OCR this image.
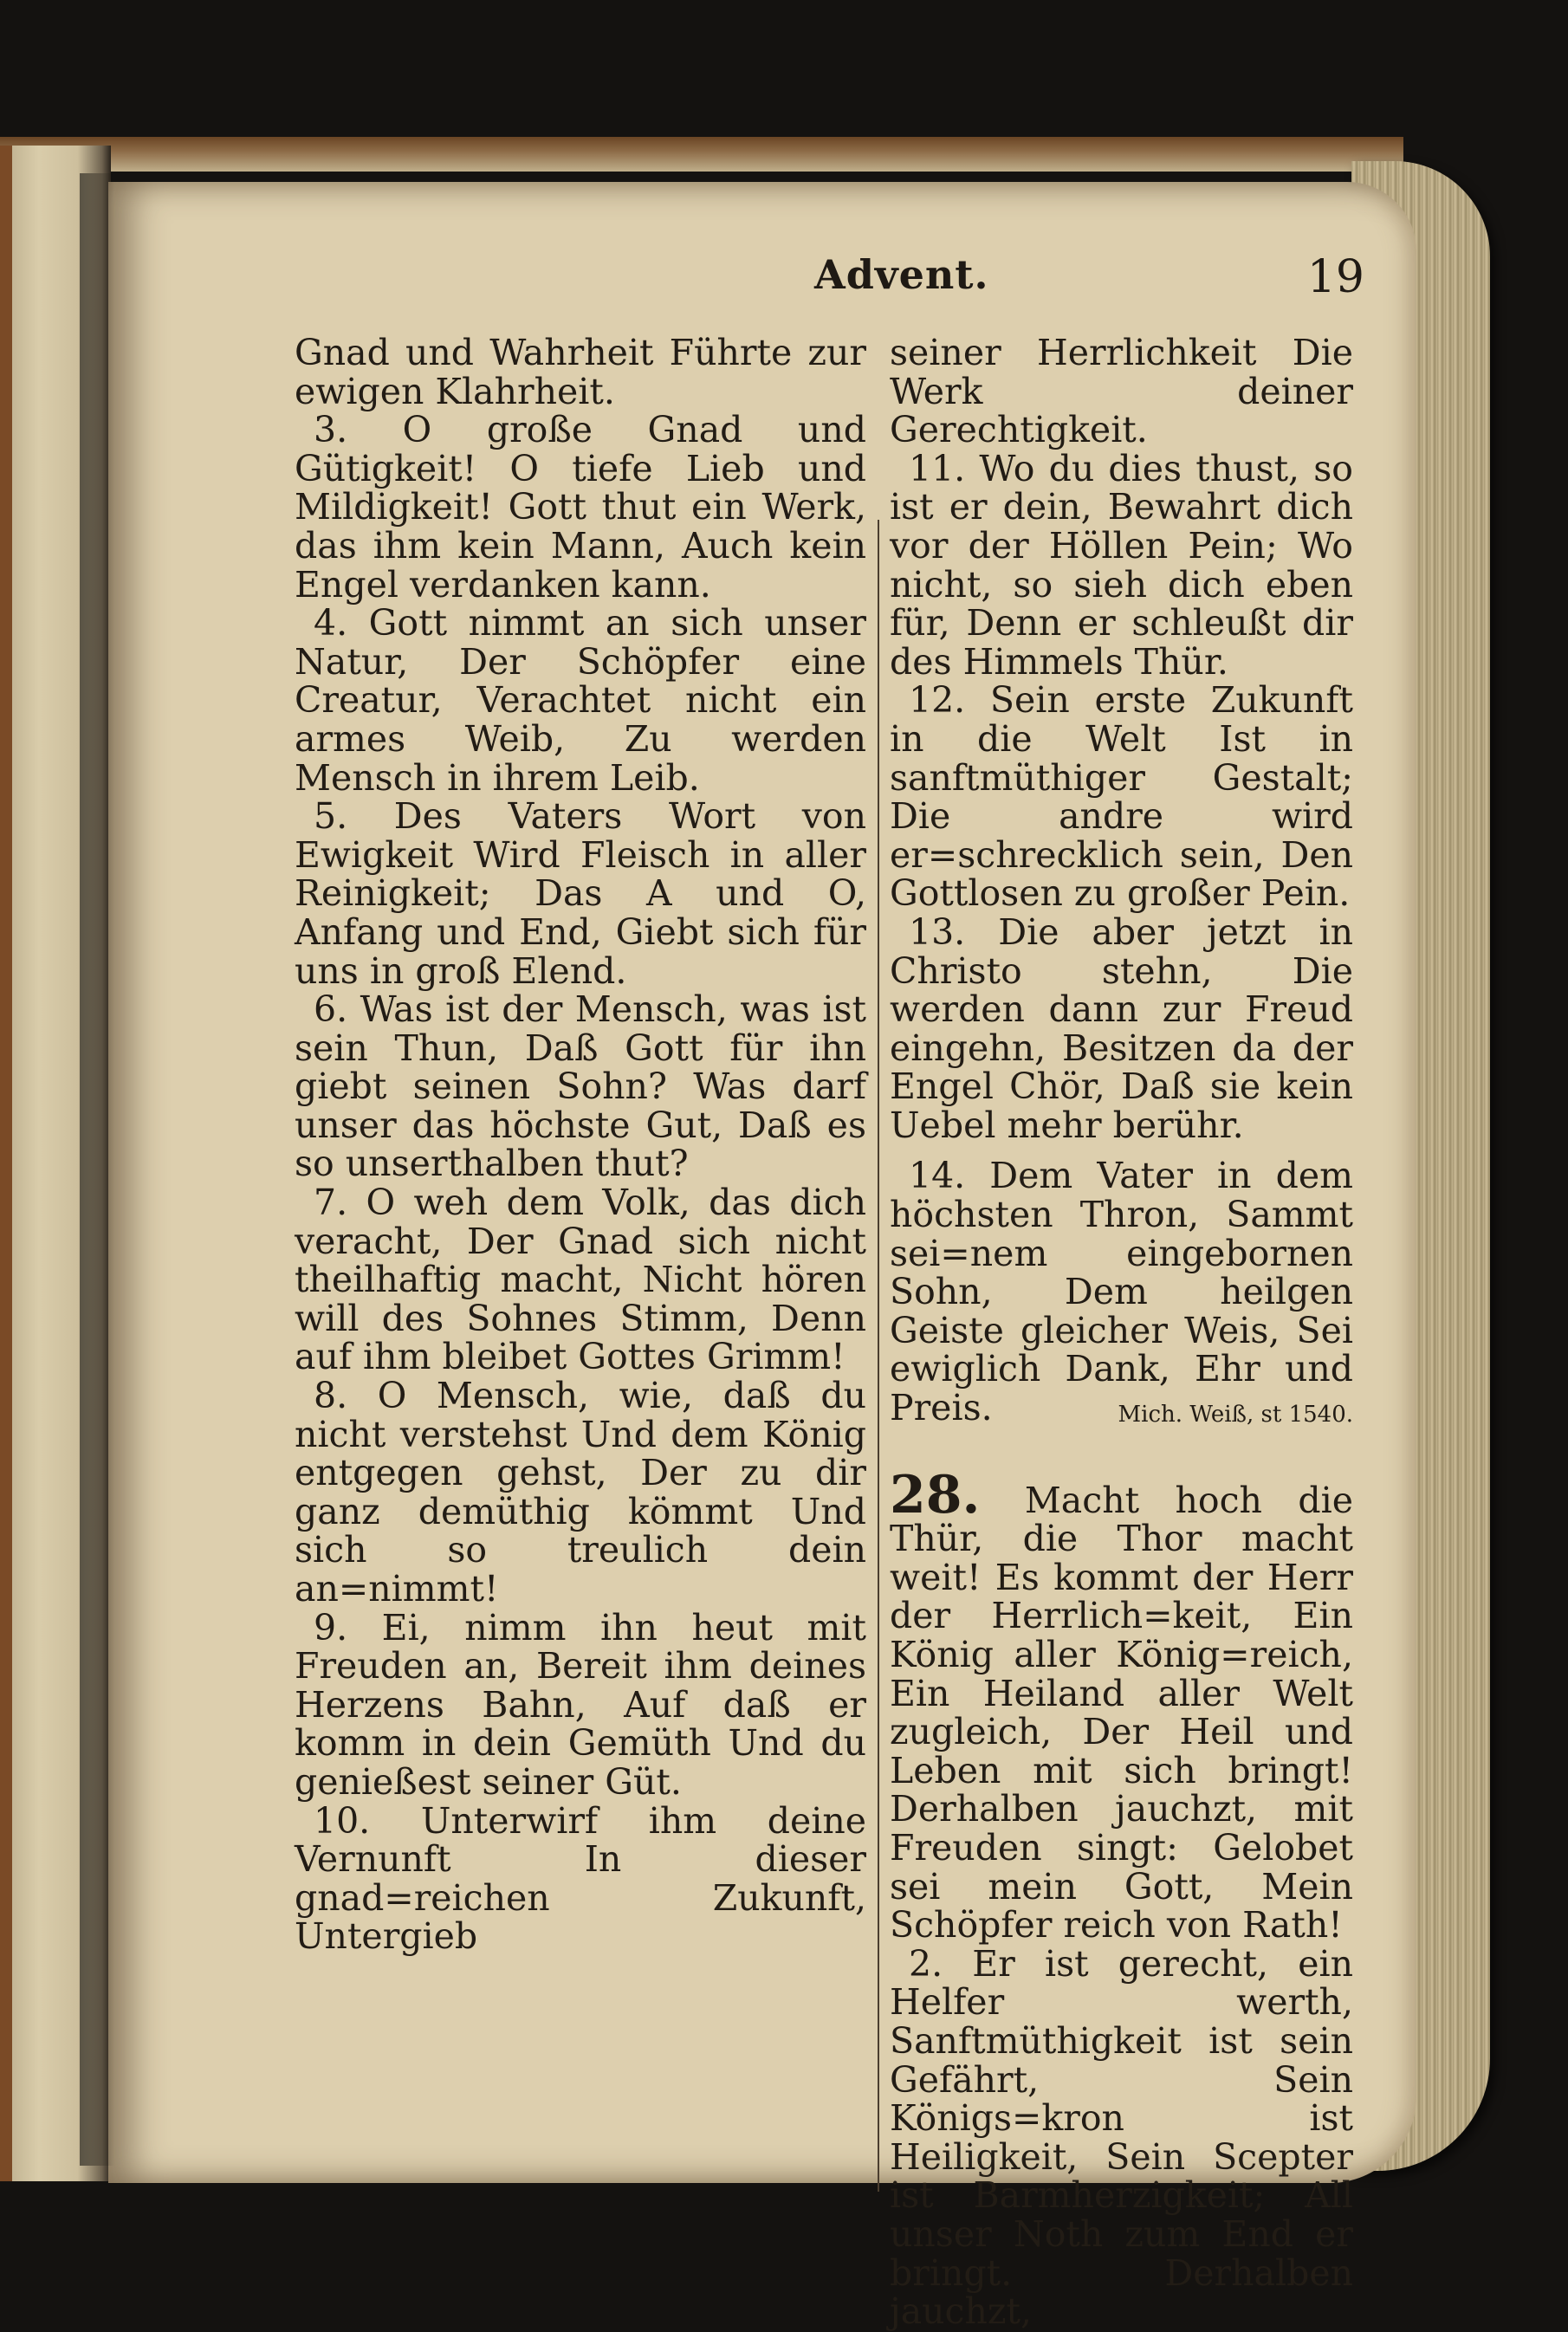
Advent.	19

Gnad und Wahrheit Führte zur ewigen Klahrheit.

3. O große Gnad und Gütigkeit! O tiefe Lieb und Mildigkeit! Gott thut ein Werk, das ihm kein Mann, Auch kein Engel verdanken kann.

4. Gott nimmt an sich unser Natur, Der Schöpfer eine Creatur, Verachtet nicht ein armes Weib, Zu werden Mensch in ihrem Leib.

5. Des Vaters Wort von Ewigkeit Wird Fleisch in aller Reinigkeit; Das A und O, Anfang und End, Giebt sich für uns in groß Elend.

6. Was ist der Mensch, was ist sein Thun, Daß Gott für ihn giebt seinen Sohn? Was darf unser das höchste Gut, Daß es so unserthalben thut?

7. O weh dem Volk, das dich veracht, Der Gnad sich nicht theilhaftig macht, Nicht hören will des Sohnes Stimm, Denn auf ihm bleibet Gottes Grimm!

8. O Mensch, wie, daß du nicht verstehst Und dem König entgegen gehst, Der zu dir ganz demüthig kömmt Und sich so treulich dein an=nimmt!

9. Ei, nimm ihn heut mit Freuden an, Bereit ihm deines Herzens Bahn, Auf daß er komm in dein Gemüth Und du genießest seiner Güt.

10. Unterwirf ihm deine Vernunft In dieser gnad=reichen Zukunft, Untergieb

seiner Herrlichkeit Die Werk deiner Gerechtigkeit.

11. Wo du dies thust, so ist er dein, Bewahrt dich vor der Höllen Pein; Wo nicht, so sieh dich eben für, Denn er schleußt dir des Himmels Thür.

12. Sein erste Zukunft in die Welt Ist in sanftmüthiger Gestalt; Die andre wird er=schrecklich sein, Den Gottlosen zu großer Pein.

13. Die aber jetzt in Christo stehn, Die werden dann zur Freud eingehn, Besitzen da der Engel Chör, Daß sie kein Uebel mehr berühr.

14. Dem Vater in dem höchsten Thron, Sammt sei=nem eingebornen Sohn, Dem heilgen Geiste gleicher Weis, Sei ewiglich Dank, Ehr und Preis.	Mich. Weiß, st 1540.

28. Macht hoch die Thür, die Thor macht weit! Es kommt der Herr der Herrlich=keit, Ein König aller König=reich, Ein Heiland aller Welt zugleich, Der Heil und Leben mit sich bringt! Derhalben jauchzt, mit Freuden singt: Gelobet sei mein Gott, Mein Schöpfer reich von Rath!

2. Er ist gerecht, ein Helfer werth, Sanftmüthigkeit ist sein Gefährt, Sein Königs=kron ist Heiligkeit, Sein Scepter ist Barmherzigkeit; All unser Noth zum End er bringt. Derhalben jauchzt,
